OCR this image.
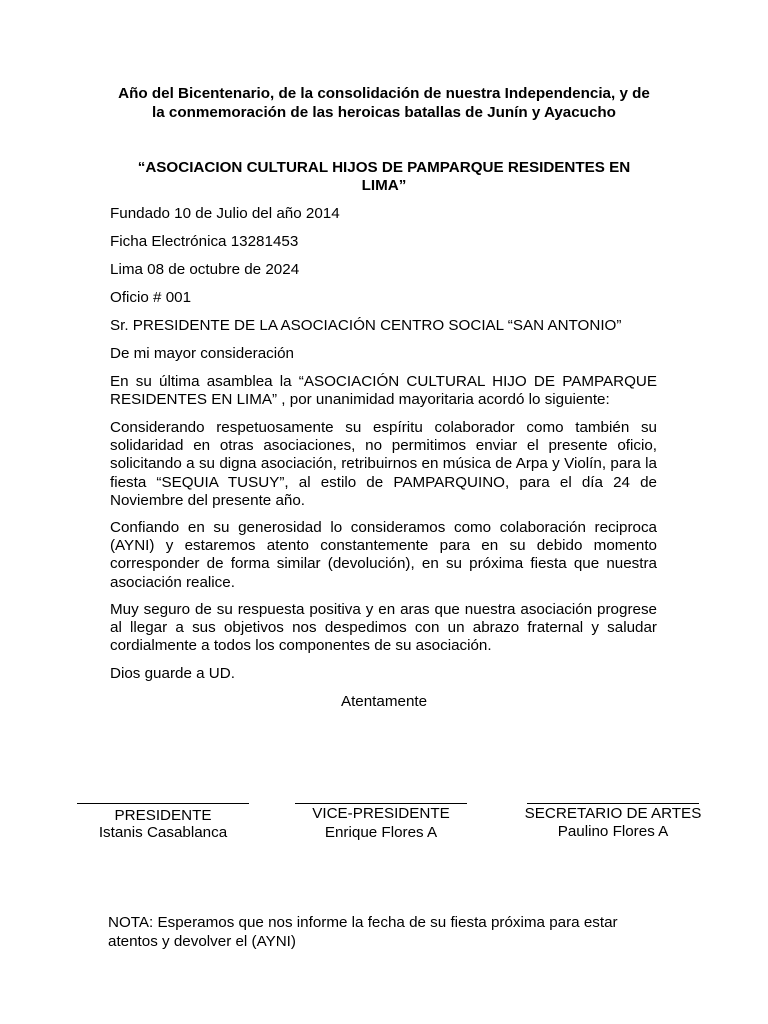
Año del Bicentenario, de la consolidación de nuestra Independencia, y de
la conmemoración de las heroicas batallas de Junín y Ayacucho
“ASOCIACION CULTURAL HIJOS DE PAMPARQUE RESIDENTES EN
LIMA”
Fundado 10 de Julio del año 2014
Ficha Electrónica 13281453
Lima 08 de octubre de 2024
Oficio # 001
Sr. PRESIDENTE DE LA ASOCIACIÓN CENTRO SOCIAL “SAN ANTONIO”
De mi mayor consideración
En su última asamblea la “ASOCIACIÓN CULTURAL HIJO DE PAMPARQUE RESIDENTES EN LIMA” , por unanimidad mayoritaria acordó lo siguiente:
Considerando respetuosamente su espíritu colaborador como también su solidaridad en otras asociaciones, no permitimos enviar el presente oficio, solicitando a su digna asociación, retribuirnos en música de Arpa y Violín, para la fiesta “SEQUIA TUSUY”, al estilo de PAMPARQUINO, para el día 24 de Noviembre del presente año.
Confiando en su generosidad lo consideramos como colaboración reciproca (AYNI) y estaremos atento constantemente para en su debido momento corresponder de forma similar (devolución), en su próxima fiesta que nuestra asociación realice.
Muy seguro de su respuesta positiva y en aras que nuestra asociación progrese al llegar a sus objetivos nos despedimos con un abrazo fraternal y saludar cordialmente a todos los componentes de su asociación.
Dios guarde a UD.
Atentamente
PRESIDENTE
Istanis Casablanca
VICE-PRESIDENTE
Enrique Flores A
SECRETARIO DE ARTES
Paulino Flores A
NOTA: Esperamos que nos informe la fecha de su fiesta próxima para estar atentos y devolver el (AYNI)
